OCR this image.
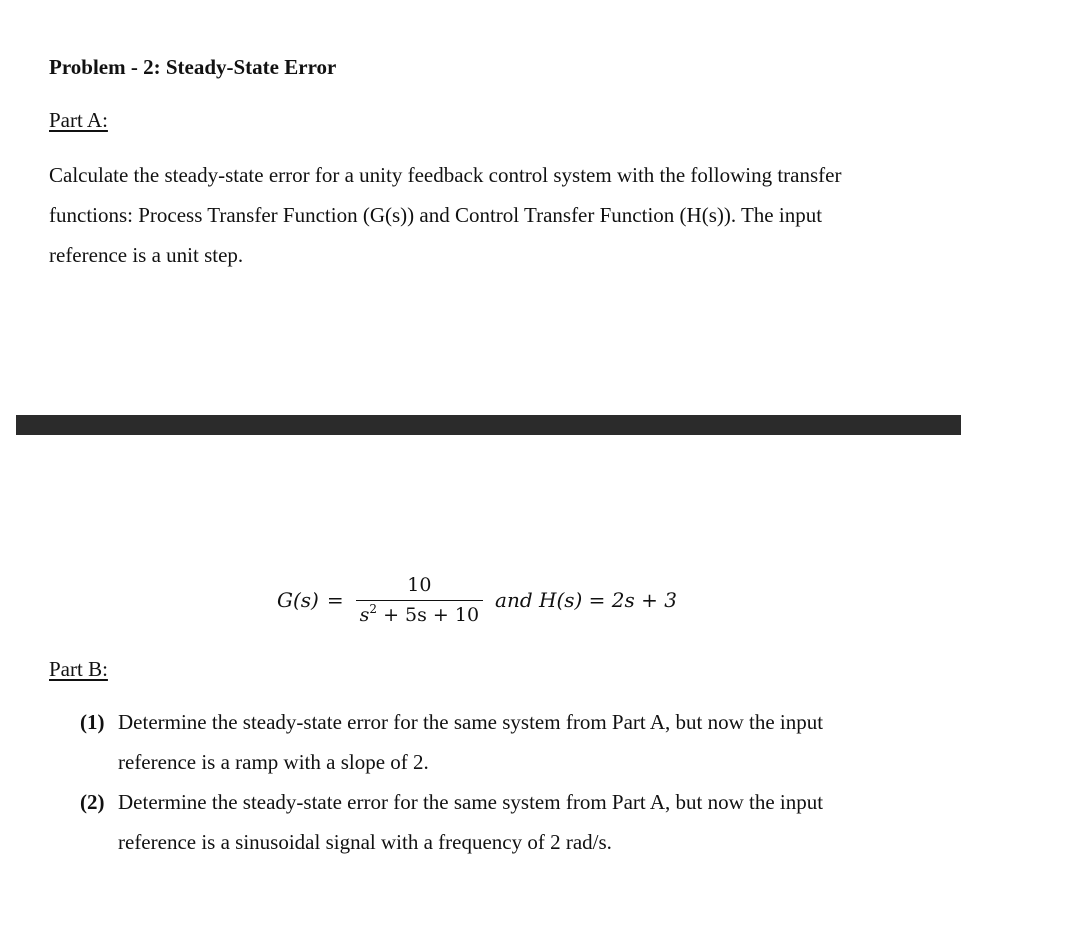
Problem - 2: Steady-State Error
Part A:

Calculate the steady-state error for a unity feedback control system with the following transfer
functions: Process Transfer Function (G(s)) and Control Transfer Function (H(s)). The input
reference is a unit step.

$G(s) = \frac{10}{s^2 + 5s + 10}$ and H(s) = 2s + 3
Part B:
(1) Determine the steady-state error for the same system from Part A, but now the input
reference is a ramp with a slope of 2.
(2) Determine the steady-state error for the same system from Part A, but now the input
reference is a sinusoidal signal with a frequency of 2 rad/s.
